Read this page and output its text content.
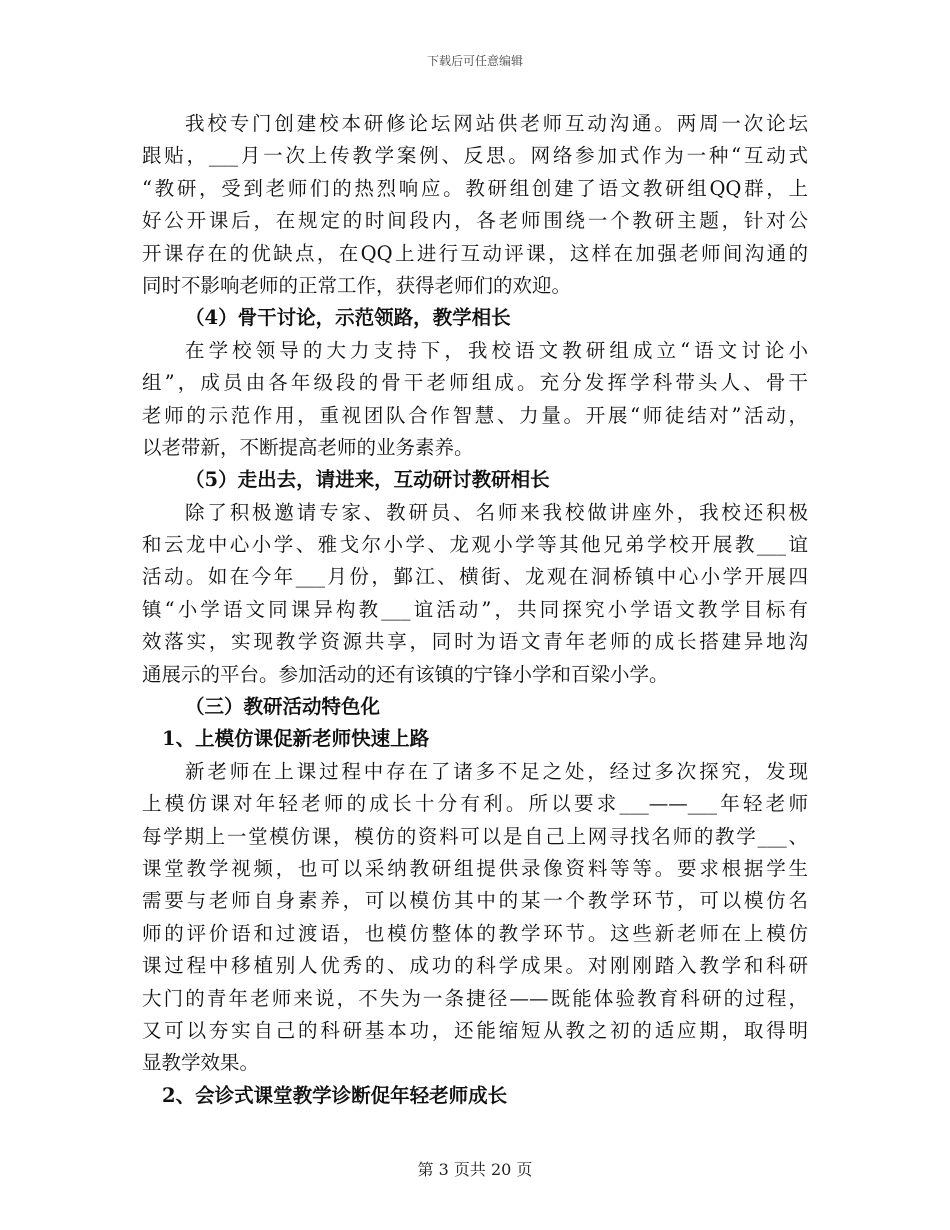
下载后可任意编辑
我校专门创建校本研修论坛网站供老师互动沟通。两周一次论坛
跟贴，___月一次上传教学案例、反思。网络参加式作为一种“互动式
“教研，受到老师们的热烈响应。教研组创建了语文教研组QQ群，上
好公开课后，在规定的时间段内，各老师围绕一个教研主题，针对公
开课存在的优缺点，在QQ上进行互动评课，这样在加强老师间沟通的
同时不影响老师的正常工作，获得老师们的欢迎。
（4）骨干讨论，示范领路，教学相长
在学校领导的大力支持下，我校语文教研组成立“语文讨论小
组”，成员由各年级段的骨干老师组成。充分发挥学科带头人、骨干
老师的示范作用，重视团队合作智慧、力量。开展“师徒结对”活动，
以老带新，不断提高老师的业务素养。
（5）走出去，请进来，互动研讨教研相长
除了积极邀请专家、教研员、名师来我校做讲座外，我校还积极
和云龙中心小学、雅戈尔小学、龙观小学等其他兄弟学校开展教___谊
活动。如在今年___月份，鄞江、横街、龙观在洞桥镇中心小学开展四
镇“小学语文同课异构教___谊活动”，共同探究小学语文教学目标有
效落实，实现教学资源共享，同时为语文青年老师的成长搭建异地沟
通展示的平台。参加活动的还有该镇的宁锋小学和百梁小学。
（三）教研活动特色化
1、上模仿课促新老师快速上路
新老师在上课过程中存在了诸多不足之处，经过多次探究，发现
上模仿课对年轻老师的成长十分有利。所以要求___——___年轻老师
每学期上一堂模仿课，模仿的资料可以是自己上网寻找名师的教学___、
课堂教学视频，也可以采纳教研组提供录像资料等等。要求根据学生
需要与老师自身素养，可以模仿其中的某一个教学环节，可以模仿名
师的评价语和过渡语，也模仿整体的教学环节。这些新老师在上模仿
课过程中移植别人优秀的、成功的科学成果。对刚刚踏入教学和科研
大门的青年老师来说，不失为一条捷径——既能体验教育科研的过程，
又可以夯实自己的科研基本功，还能缩短从教之初的适应期，取得明
显教学效果。
2、会诊式课堂教学诊断促年轻老师成长
第 3 页共 20 页
